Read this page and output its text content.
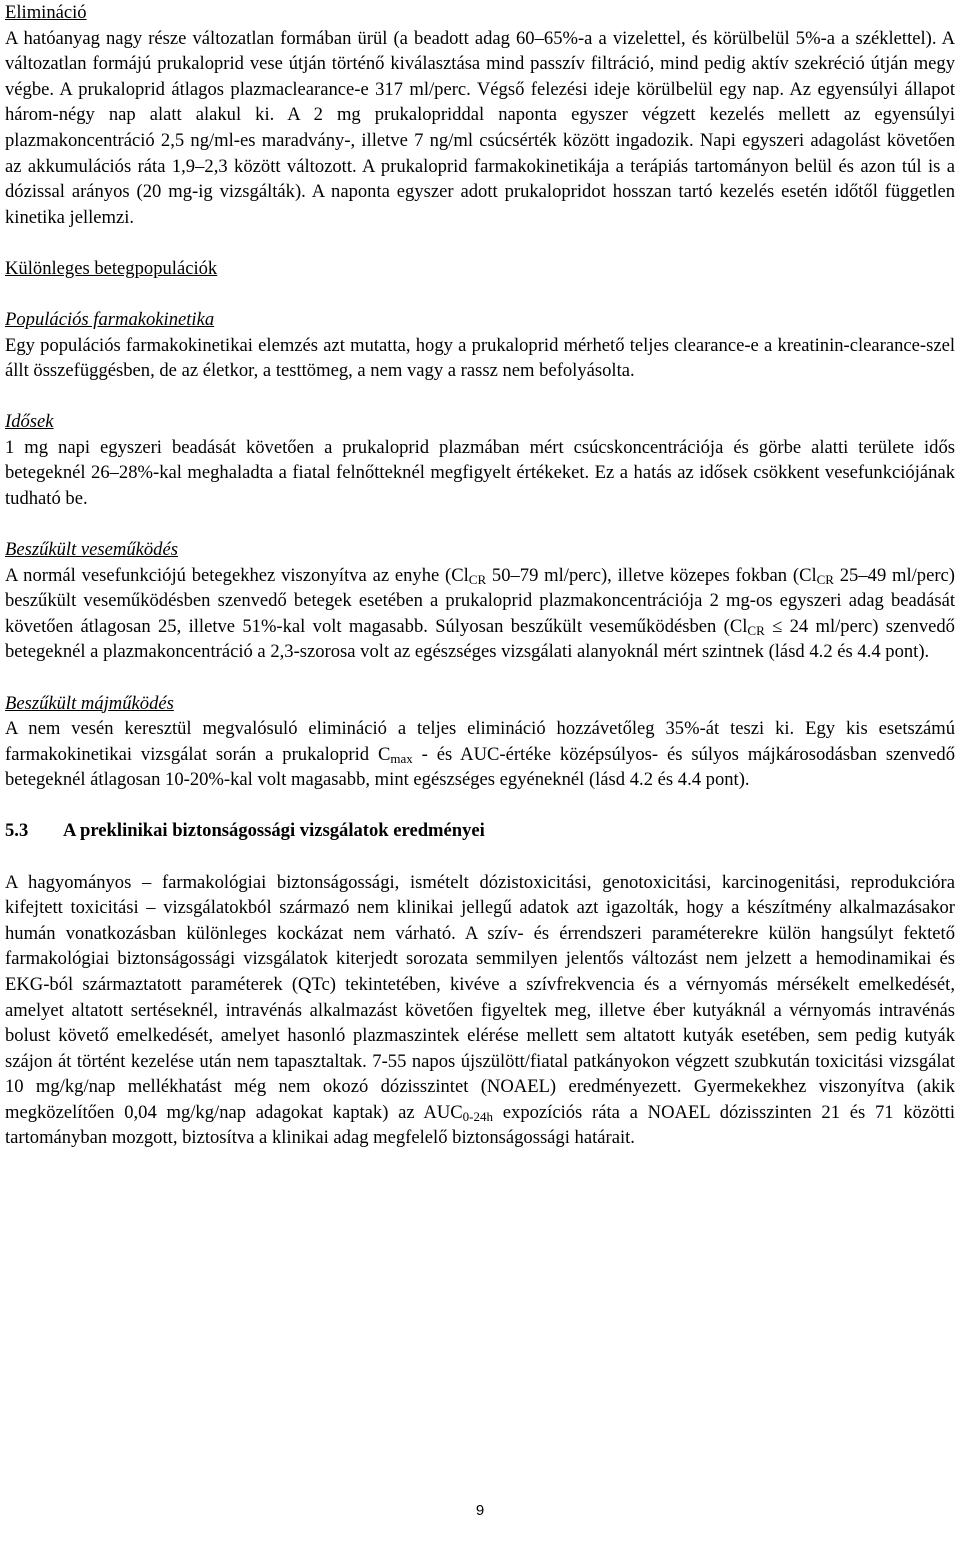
Elimináció
A hatóanyag nagy része változatlan formában ürül (a beadott adag 60–65%-a a vizelettel, és körülbelül 5%-a a széklettel). A változatlan formájú prukaloprid vese útján történő kiválasztása mind passzív filtráció, mind pedig aktív szekréció útján megy végbe. A prukaloprid átlagos plazmaclearance-e 317 ml/perc. Végső felezési ideje körülbelül egy nap. Az egyensúlyi állapot három-négy nap alatt alakul ki. A 2 mg prukalopriddal naponta egyszer végzett kezelés mellett az egyensúlyi plazmakoncentráció 2,5 ng/ml-es maradvány-, illetve 7 ng/ml csúcsérték között ingadozik. Napi egyszeri adagolást követően az akkumulációs ráta 1,9–2,3 között változott. A prukaloprid farmakokinetikája a terápiás tartományon belül és azon túl is a dózissal arányos (20 mg-ig vizsgálták). A naponta egyszer adott prukalopridot hosszan tartó kezelés esetén időtől független kinetika jellemzi.
Különleges betegpopulációk
Populációs farmakokinetika
Egy populációs farmakokinetikai elemzés azt mutatta, hogy a prukaloprid mérhető teljes clearance-e a kreatinin-clearance-szel állt összefüggésben, de az életkor, a testtömeg, a nem vagy a rassz nem befolyásolta.
Idősek
1 mg napi egyszeri beadását követően a prukaloprid plazmában mért csúcskoncentrációja és görbe alatti területe idős betegeknél 26–28%-kal meghaladta a fiatal felnőtteknél megfigyelt értékeket. Ez a hatás az idősek csökkent vesefunkciójának tudható be.
Beszűkült veseműködés
A normál vesefunkciójú betegekhez viszonyítva az enyhe ($Cl_{CR}$ 50–79 ml/perc), illetve közepes fokban ($Cl_{CR}$ 25–49 ml/perc) beszűkült veseműködésben szenvedő betegek esetében a prukaloprid plazmakoncentrációja 2 mg-os egyszeri adag beadását követően átlagosan 25, illetve 51%-kal volt magasabb. Súlyosan beszűkült veseműködésben ($Cl_{CR} \le 24$ ml/perc) szenvedő betegeknél a plazmakoncentráció a 2,3-szorosa volt az egészséges vizsgálati alanyoknál mért szintnek (lásd 4.2 és 4.4 pont).
Beszűkült májműködés
A nem vesén keresztül megvalósuló elimináció a teljes elimináció hozzávetőleg 35%-át teszi ki. Egy kis esetszámú farmakokinetikai vizsgálat során a prukaloprid $C_{max}$ - és AUC-értéke középsúlyos- és súlyos májkárosodásban szenvedő betegeknél átlagosan 10-20%-kal volt magasabb, mint egészséges egyéneknél (lásd 4.2 és 4.4 pont).
5.3 A preklinikai biztonságossági vizsgálatok eredményei
A hagyományos – farmakológiai biztonságossági, ismételt dózistoxicitási, genotoxicitási, karcinogenitási, reprodukcióra kifejtett toxicitási – vizsgálatokból származó nem klinikai jellegű adatok azt igazolták, hogy a készítmény alkalmazásakor humán vonatkozásban különleges kockázat nem várható. A szív- és érrendszeri paraméterekre külön hangsúlyt fektető farmakológiai biztonságossági vizsgálatok kiterjedt sorozata semmilyen jelentős változást nem jelzett a hemodinamikai és EKG-ból származtatott paraméterek (QTc) tekintetében, kivéve a szívfrekvencia és a vérnyomás mérsékelt emelkedését, amelyet altatott sertéseknél, intravénás alkalmazást követően figyeltek meg, illetve éber kutyáknál a vérnyomás intravénás bolust követő emelkedését, amelyet hasonló plazmaszintek elérése mellett sem altatott kutyák esetében, sem pedig kutyák szájon át történt kezelése után nem tapasztaltak. 7-55 napos újszülött/fiatal patkányokon végzett szubkután toxicitási vizsgálat 10 mg/kg/nap mellékhatást még nem okozó dózisszintet (NOAEL) eredményezett. Gyermekekhez viszonyítva (akik megközelítően 0,04 mg/kg/nap adagokat kaptak) az $AUC_{0-24h}$ expozíciós ráta a NOAEL dózisszinten 21 és 71 közötti tartományban mozgott, biztosítva a klinikai adag megfelelő biztonságossági határait.
9
